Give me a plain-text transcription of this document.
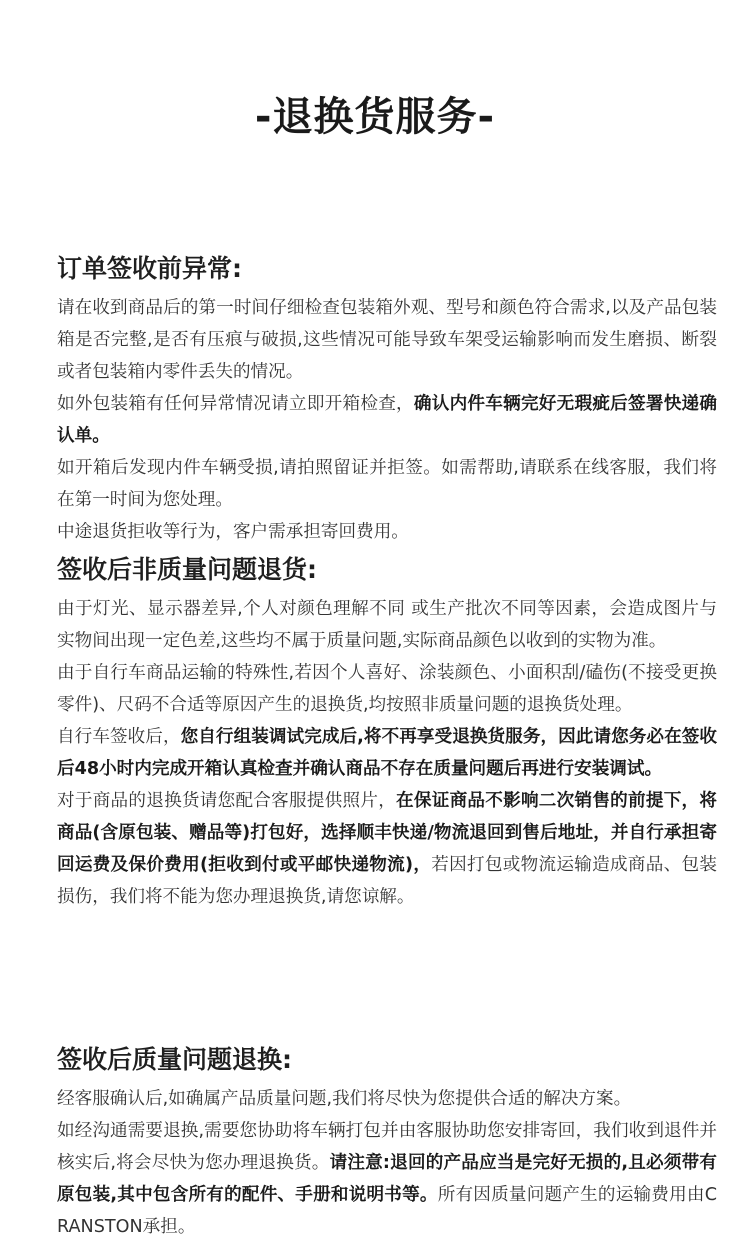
-退换货服务-
订单签收前异常:

请在收到商品后的第一时间仔细检查包装箱外观、型号和颜色符合需求,以及产品包装箱是否完整,是否有压痕与破损,这些情况可能导致车架受运输影响而发生磨损、断裂或者包装箱内零件丢失的情况。

如外包装箱有任何异常情况请立即开箱检查，确认内件车辆完好无瑕疵后签署快递确认单。

如开箱后发现内件车辆受损,请拍照留证并拒签。如需帮助,请联系在线客服，我们将在第一时间为您处理。

中途退货拒收等行为，客户需承担寄回费用。

签收后非质量问题退货:

由于灯光、显示器差异,个人对颜色理解不同 或生产批次不同等因素，会造成图片与实物间出现一定色差,这些均不属于质量问题,实际商品颜色以收到的实物为准。

由于自行车商品运输的特殊性,若因个人喜好、涂装颜色、小面积刮/磕伤(不接受更换零件)、尺码不合适等原因产生的退换货,均按照非质量问题的退换货处理。

自行车签收后，您自行组装调试完成后,将不再享受退换货服务，因此请您务必在签收后48小时内完成开箱认真检查并确认商品不存在质量问题后再进行安装调试。

对于商品的退换货请您配合客服提供照片，在保证商品不影响二次销售的前提下，将商品(含原包装、赠品等)打包好，选择顺丰快递/物流退回到售后地址，并自行承担寄回运费及保价费用(拒收到付或平邮快递物流)，若因打包或物流运输造成商品、包装损伤，我们将不能为您办理退换货,请您谅解。

签收后质量问题退换:

经客服确认后,如确属产品质量问题,我们将尽快为您提供合适的解决方案。

如经沟通需要退换,需要您协助将车辆打包并由客服协助您安排寄回，我们收到退件并核实后,将会尽快为您办理退换货。请注意:退回的产品应当是完好无损的,且必须带有原包装,其中包含所有的配件、手册和说明书等。所有因质量问题产生的运输费用由CRANSTON承担。
